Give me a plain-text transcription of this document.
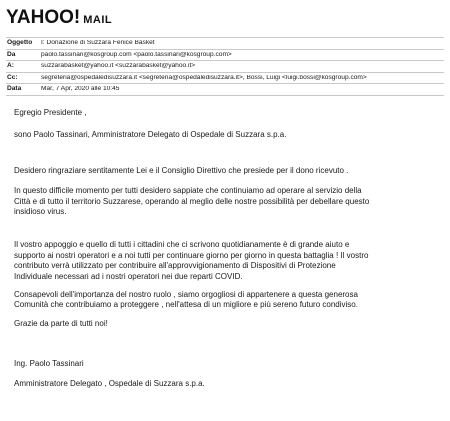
YAHOO! MAIL
Oggetto	I: Donazione di Suzzara Fenice Basket
Da	paolo.tassinari@kosgroup.com <paolo.tassinari@kosgroup.com>
A:	suzzarabasket@yahoo.it <suzzarabasket@yahoo.it>
Cc:	segreteria@ospedaledisuzzara.it <segreteria@ospedaledisuzzara.it>, Bossi, Luigi <luigi.bossi@kosgroup.com>
Data	Mar, 7 Apr, 2020 alle 10:45

Egregio Presidente ,

sono Paolo Tassinari, Amministratore Delegato di Ospedale di Suzzara s.p.a.

Desidero ringraziare sentitamente Lei e il Consiglio Direttivo che presiede per il dono ricevuto .

In questo difficile momento per tutti desidero sappiate che continuiamo ad operare al servizio della

Città e di tutto il territorio Suzzarese, operando al meglio delle nostre possibilità per debellare questo

insidioso virus.

Il vostro appoggio e quello di tutti i cittadini che ci scrivono quotidianamente è di grande aiuto e

supporto ai nostri operatori e a noi tutti per continuare giorno per giorno in questa battaglia ! Il vostro

contributo verrà utilizzato per contribuire all'approvvigionamento di Dispositivi di Protezione

Individuale necessari ad i nostri operatori nei due reparti COVID.

Consapevoli dell'importanza del nostro ruolo , siamo orgogliosi di appartenere a questa generosa

Comunità che contribuiamo a proteggere , nell'attesa di un migliore e più sereno futuro condiviso.

Grazie da parte di tutti noi!

Ing. Paolo Tassinari

Amministratore Delegato , Ospedale di Suzzara s.p.a.
